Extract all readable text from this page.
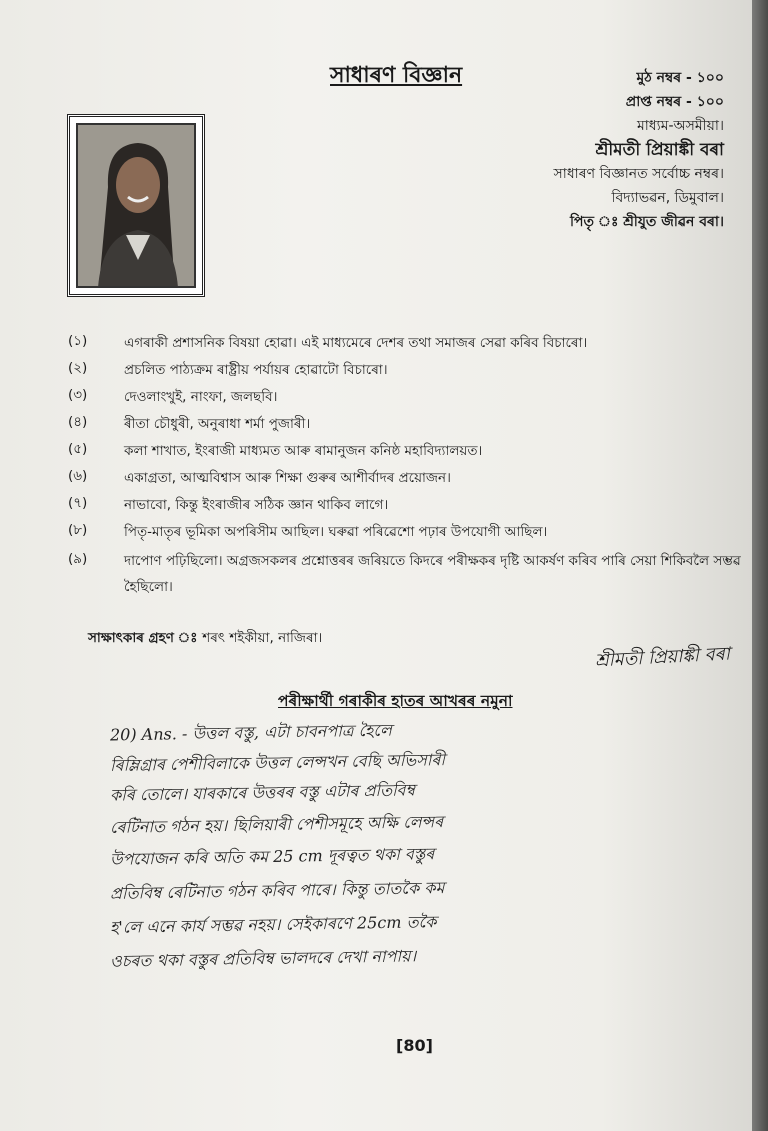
সাধাৰণ বিজ্ঞান	মুঠ নম্বৰ - ১০০
প্ৰাপ্ত নম্বৰ - ১০০
মাধ্যম-অসমীয়া।
শ্ৰীমতী প্ৰিয়াঙ্কী বৰা
সাধাৰণ বিজ্ঞানত সৰ্বোচ্চ নম্বৰ।
বিদ্যাভৱন, ডিমুবাল।
পিতৃ ঃ শ্ৰীযুত জীৱন বৰা।
(১)	এগৰাকী প্ৰশাসনিক বিষয়া হোৱা। এই মাধ্যমেৰে দেশৰ তথা সমাজৰ সেৱা কৰিব বিচাৰো।
(২)	প্ৰচলিত পাঠ্যক্ৰম ৰাষ্ট্ৰীয় পৰ্যায়ৰ হোৱাটো বিচাৰো।
(৩)	দেওলাংখুই, নাংফা, জলছবি।
(৪)	ৰীতা চৌধুৰী, অনুৰাধা শৰ্মা পুজাৰী।
(৫)	কলা শাখাত, ইংৰাজী মাধ্যমত আৰু ৰামানুজন কনিষ্ঠ মহাবিদ্যালয়ত।
(৬)	একাগ্ৰতা, আত্মবিশ্বাস আৰু শিক্ষা গুৰুৰ আশীৰ্বাদৰ প্ৰয়োজন।
(৭)	নাভাবো, কিন্তু ইংৰাজীৰ সঠিক জ্ঞান থাকিব লাগে।
(৮)	পিতৃ-মাতৃৰ ভূমিকা অপৰিসীম আছিল। ঘৰুৱা পৰিৱেশো পঢ়াৰ উপযোগী আছিল।
(৯)	দাপোণ পঢ়িছিলো। অগ্ৰজসকলৰ প্ৰশ্নোত্তৰৰ জৰিয়তে কিদৰে পৰীক্ষকৰ দৃষ্টি আকৰ্ষণ কৰিব পাৰি সেয়া শিকিবলৈ সম্ভৱ হৈছিলো।
সাক্ষাৎকাৰ গ্ৰহণ ঃ শৰৎ শইকীয়া, নাজিৰা।
শ্ৰীমতী প্ৰিয়াঙ্কী বৰা
পৰীক্ষাৰ্থী গৰাকীৰ হাতৰ আখৰৰ নমুনা
20) Ans. - উত্তল বস্তু, এটা চাবনপাত্ৰ হৈলে
ৰিম্লিগ্ৰাৰ পেশীবিলাকে উত্তল লেন্সখন বেছি অভিসাৰী
কৰি তোলে। যাৰকাৰে উত্তৰৰ বস্তু এটাৰ প্ৰতিবিম্ব
ৰেটিনাত গঠন হয়। ছিলিয়াৰী পেশীসমূহে অক্ষি লেন্সৰ
উপযোজন কৰি অতি কম 25 cm দূৰত্বত থকা বস্তুৰ
প্ৰতিবিম্ব ৰেটিনাত গঠন কৰিব পাৰে। কিন্তু তাতকৈ কম
হ'লে এনে কাৰ্য সম্ভৱ নহয়। সেইকাৰণে 25cm তকৈ
ওচৰত থকা বস্তুৰ প্ৰতিবিম্ব ভালদৰে দেখা নাপায়।
[80]
